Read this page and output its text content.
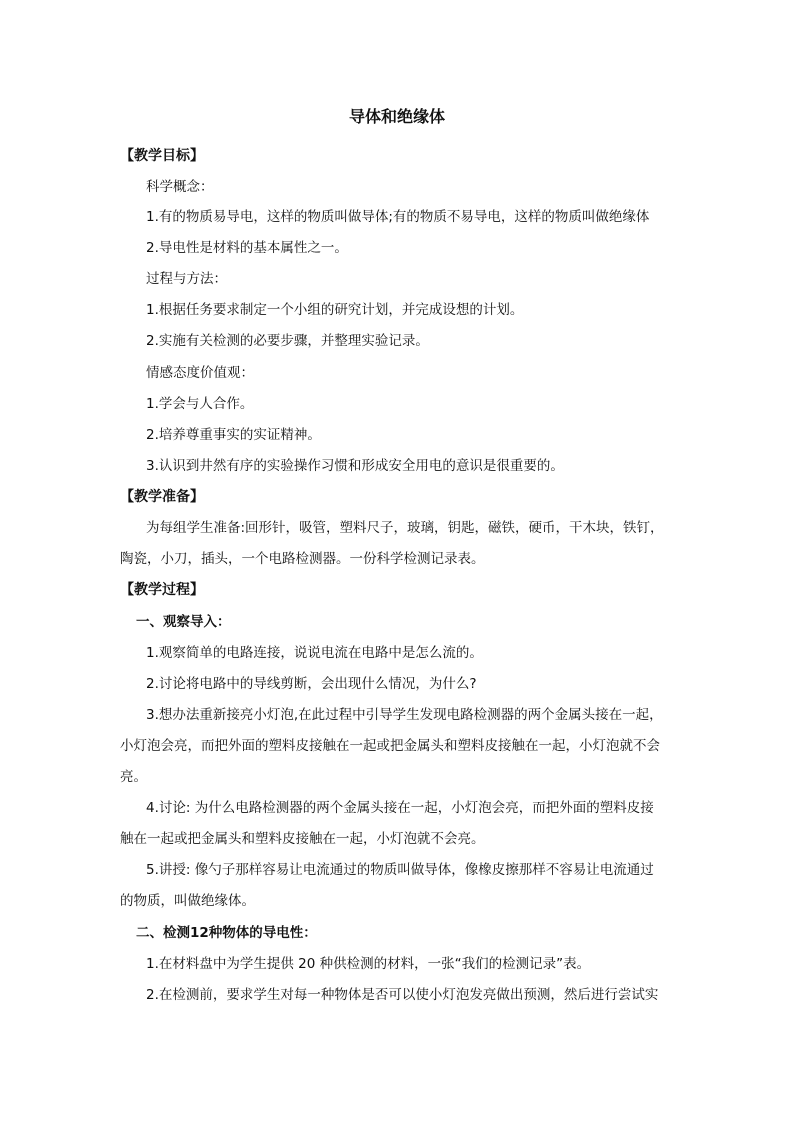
导体和绝缘体
【教学目标】
科学概念：
1.有的物质易导电，这样的物质叫做导体;有的物质不易导电，这样的物质叫做绝缘体
2.导电性是材料的基本属性之一。
过程与方法：
1.根据任务要求制定一个小组的研究计划，并完成设想的计划。
2.实施有关检测的必要步骤，并整理实验记录。
情感态度价值观：
1.学会与人合作。
2.培养尊重事实的实证精神。
3.认识到井然有序的实验操作习惯和形成安全用电的意识是很重要的。
【教学准备】
为每组学生准备:回形针，吸管，塑料尺子，玻璃，钥匙，磁铁，硬币，干木块，铁钉，
陶瓷，小刀，插头，一个电路检测器。一份科学检测记录表。
【教学过程】
一、观察导入：
1.观察简单的电路连接，说说电流在电路中是怎么流的。
2.讨论将电路中的导线剪断，会出现什么情况，为什么?
3.想办法重新接亮小灯泡,在此过程中引导学生发现电路检测器的两个金属头接在一起，
小灯泡会亮，而把外面的塑料皮接触在一起或把金属头和塑料皮接触在一起，小灯泡就不会
亮。
4.讨论: 为什么电路检测器的两个金属头接在一起，小灯泡会亮，而把外面的塑料皮接
触在一起或把金属头和塑料皮接触在一起，小灯泡就不会亮。
5.讲授: 像勺子那样容易让电流通过的物质叫做导体，像橡皮擦那样不容易让电流通过
的物质，叫做绝缘体。
二、检测12种物体的导电性：
1.在材料盘中为学生提供 20 种供检测的材料，一张“我们的检测记录”表。
2.在检测前，要求学生对每一种物体是否可以使小灯泡发亮做出预测，然后进行尝试实
